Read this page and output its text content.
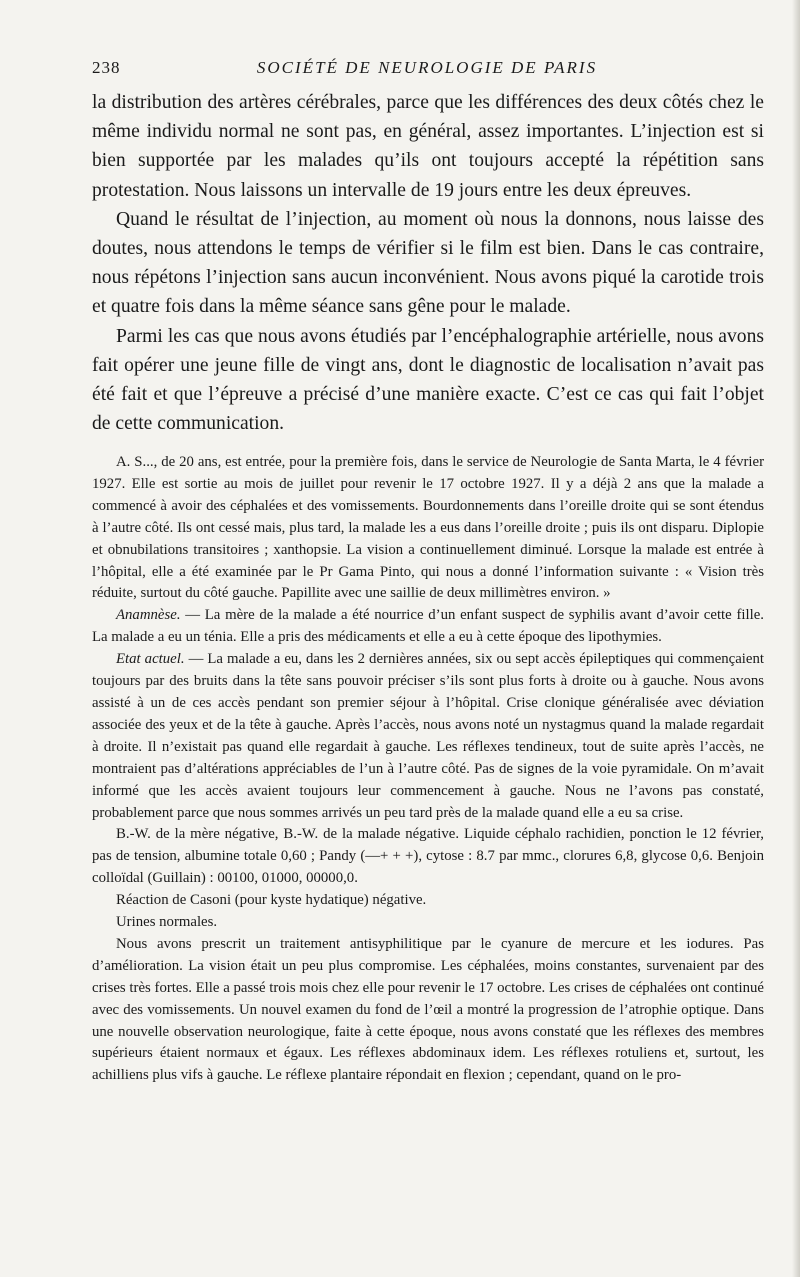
238	SOCIÉTÉ DE NEUROLOGIE DE PARIS

la distribution des artères cérébrales, parce que les différences des deux côtés chez le même individu normal ne sont pas, en général, assez importantes. L’injection est si bien supportée par les malades qu’ils ont toujours accepté la répétition sans protestation. Nous laissons un intervalle de 19 jours entre les deux épreuves.

Quand le résultat de l’injection, au moment où nous la donnons, nous laisse des doutes, nous attendons le temps de vérifier si le film est bien. Dans le cas contraire, nous répétons l’injection sans aucun inconvénient. Nous avons piqué la carotide trois et quatre fois dans la même séance sans gêne pour le malade.

Parmi les cas que nous avons étudiés par l’encéphalographie artérielle, nous avons fait opérer une jeune fille de vingt ans, dont le diagnostic de localisation n’avait pas été fait et que l’épreuve a précisé d’une manière exacte. C’est ce cas qui fait l’objet de cette communication.

A. S..., de 20 ans, est entrée, pour la première fois, dans le service de Neurologie de Santa Marta, le 4 février 1927. Elle est sortie au mois de juillet pour revenir le 17 octobre 1927. Il y a déjà 2 ans que la malade a commencé à avoir des céphalées et des vomissements. Bourdonnements dans l’oreille droite qui se sont étendus à l’autre côté. Ils ont cessé mais, plus tard, la malade les a eus dans l’oreille droite ; puis ils ont disparu. Diplopie et obnubilations transitoires ; xanthopsie. La vision a continuellement diminué. Lorsque la malade est entrée à l’hôpital, elle a été examinée par le Pr Gama Pinto, qui nous a donné l’information suivante : « Vision très réduite, surtout du côté gauche. Papillite avec une saillie de deux millimètres environ. »

Anamnèse. — La mère de la malade a été nourrice d’un enfant suspect de syphilis avant d’avoir cette fille. La malade a eu un ténia. Elle a pris des médicaments et elle a eu à cette époque des lipothymies.

Etat actuel. — La malade a eu, dans les 2 dernières années, six ou sept accès épileptiques qui commençaient toujours par des bruits dans la tête sans pouvoir préciser s’ils sont plus forts à droite ou à gauche. Nous avons assisté à un de ces accès pendant son premier séjour à l’hôpital. Crise clonique généralisée avec déviation associée des yeux et de la tête à gauche. Après l’accès, nous avons noté un nystagmus quand la malade regardait à droite. Il n’existait pas quand elle regardait à gauche. Les réflexes tendineux, tout de suite après l’accès, ne montraient pas d’altérations appréciables de l’un à l’autre côté. Pas de signes de la voie pyramidale. On m’avait informé que les accès avaient toujours leur commencement à gauche. Nous ne l’avons pas constaté, probablement parce que nous sommes arrivés un peu tard près de la malade quand elle a eu sa crise.

B.-W. de la mère négative, B.-W. de la malade négative. Liquide céphalo rachidien, ponction le 12 février, pas de tension, albumine totale 0,60 ; Pandy (—+ + +), cytose : 8.7 par mmc., clorures 6,8, glycose 0,6. Benjoin colloïdal (Guillain) : 00100, 01000, 00000,0.

Réaction de Casoni (pour kyste hydatique) négative.

Urines normales.

Nous avons prescrit un traitement antisyphilitique par le cyanure de mercure et les iodures. Pas d’amélioration. La vision était un peu plus compromise. Les céphalées, moins constantes, survenaient par des crises très fortes. Elle a passé trois mois chez elle pour revenir le 17 octobre. Les crises de céphalées ont continué avec des vomissements. Un nouvel examen du fond de l’œil a montré la progression de l’atrophie optique. Dans une nouvelle observation neurologique, faite à cette époque, nous avons constaté que les réflexes des membres supérieurs étaient normaux et égaux. Les réflexes abdominaux idem. Les réflexes rotuliens et, surtout, les achilliens plus vifs à gauche. Le réflexe plantaire répondait en flexion ; cependant, quand on le pro-
